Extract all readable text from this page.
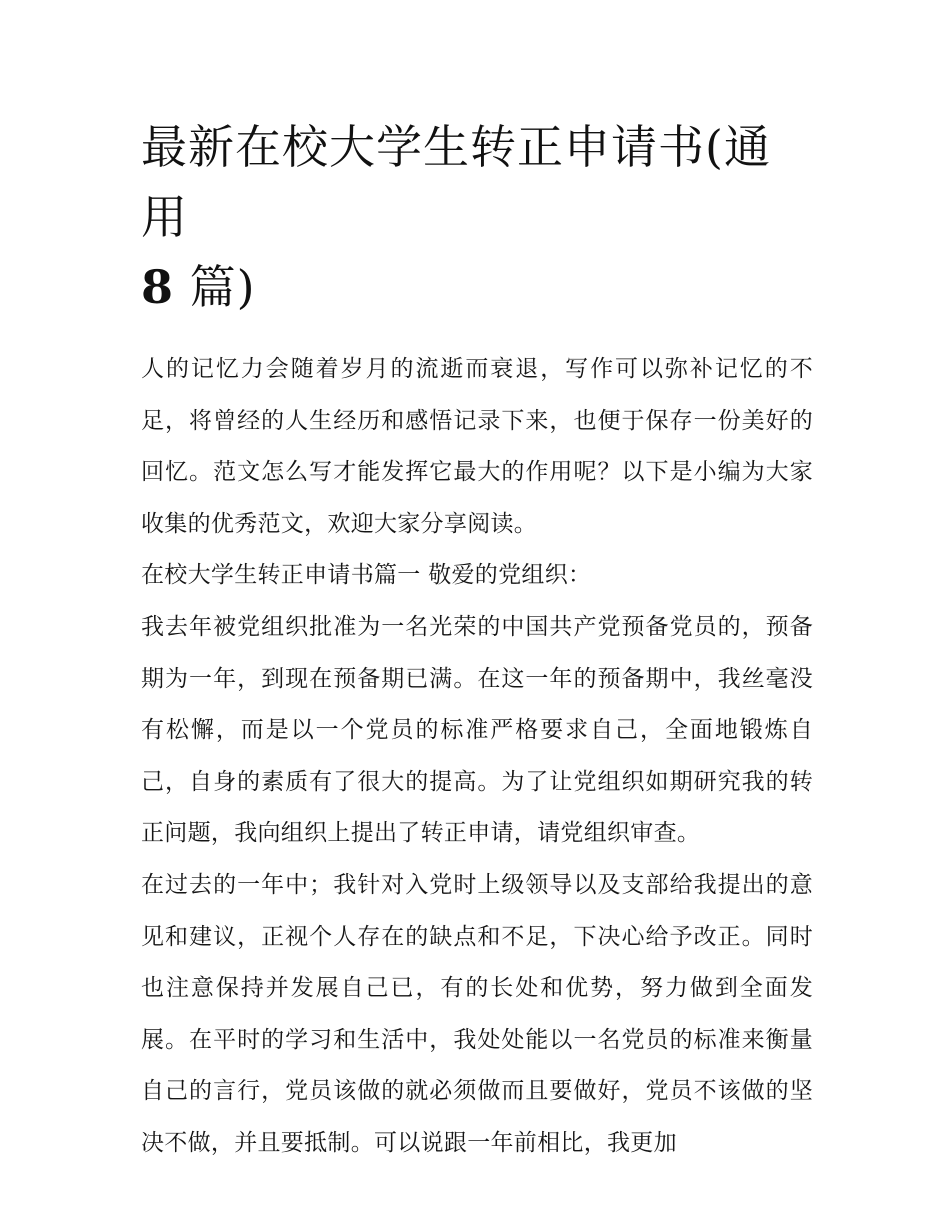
最新在校大学生转正申请书(通用
8 篇)

人的记忆力会随着岁月的流逝而衰退，写作可以弥补记忆的不足，将曾经的人生经历和感悟记录下来，也便于保存一份美好的回忆。范文怎么写才能发挥它最大的作用呢？以下是小编为大家收集的优秀范文，欢迎大家分享阅读。

在校大学生转正申请书篇一 敬爱的党组织：

我去年被党组织批准为一名光荣的中国共产党预备党员的，预备期为一年，到现在预备期已满。在这一年的预备期中，我丝毫没有松懈，而是以一个党员的标准严格要求自己，全面地锻炼自己，自身的素质有了很大的提高。为了让党组织如期研究我的转正问题，我向组织上提出了转正申请，请党组织审查。

在过去的一年中；我针对入党时上级领导以及支部给我提出的意见和建议，正视个人存在的缺点和不足，下决心给予改正。同时也注意保持并发展自己已，有的长处和优势，努力做到全面发展。在平时的学习和生活中，我处处能以一名党员的标准来衡量自己的言行，党员该做的就必须做而且要做好，党员不该做的坚决不做，并且要抵制。可以说跟一年前相比，我更加
